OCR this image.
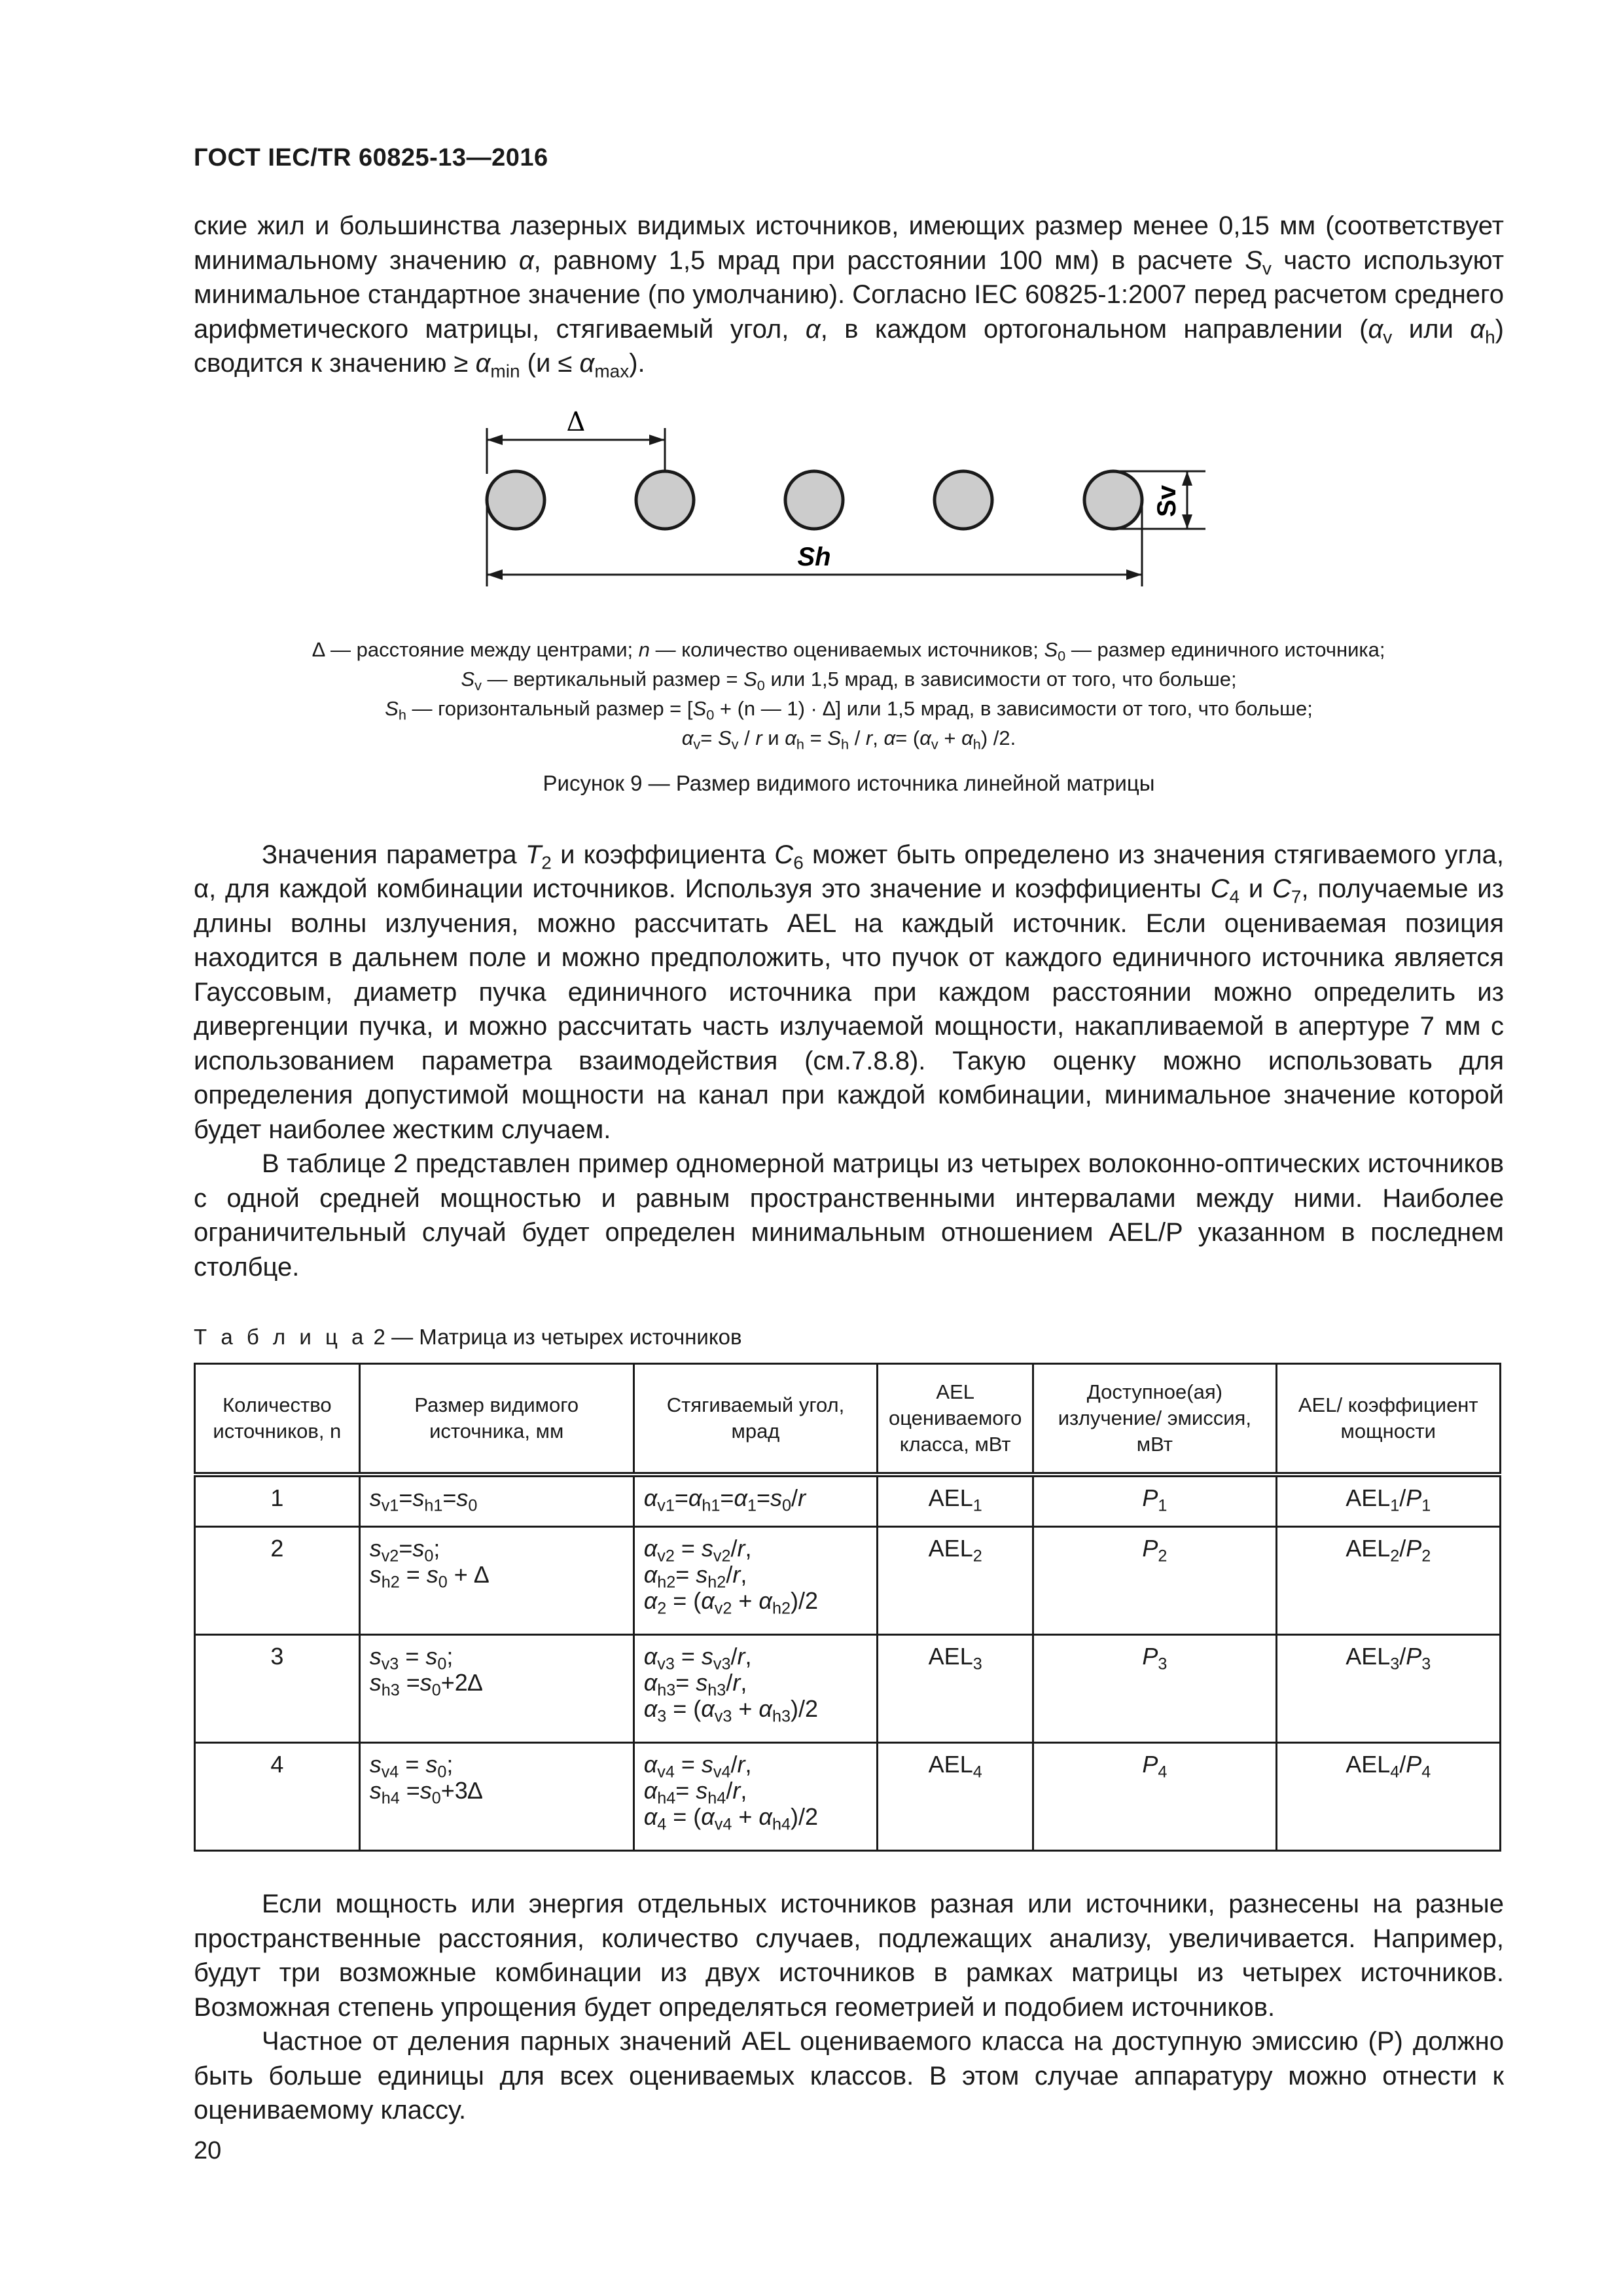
ГОСТ IEC/TR 60825-13—2016

ские жил и большинства лазерных видимых источников, имеющих размер менее 0,15 мм (соответствует минимальному значению α, равному 1,5 мрад при расстоянии 100 мм) в расчете $S_v$ часто используют минимальное стандартное значение (по умолчанию). Согласно IEC 60825-1:2007 перед расчетом среднего арифметического матрицы, стягиваемый угол, α, в каждом ортогональном направлении ($\alpha_v$ или $\alpha_h$) сводится к значению ≥ $\alpha_{min}$ $(и \le \alpha_{max})$.

Δ
Sv
Sh
∆ — расстояние между центрами; n — количество оцениваемых источников; $S_0$ — размер единичного источника;
$S_v$ — вертикальный размер = $S_0$ или 1,5 мрад, в зависимости от того, что больше;
$S_h$ — горизонтальный размер = [$S_0 + (n$ — 1) · ∆] или 1,5 мрад, в зависимости от того, что больше;
$\alpha_v= S_v / r$ и $\alpha_h = S_h / r$, $\alpha= (\alpha_v + \alpha_h)$ /2.
Рисунок 9 — Размер видимого источника линейной матрицы

Значения параметра $T_2$ и коэффициента $C_6$ может быть определено из значения стягиваемого угла, α, для каждой комбинации источников. Используя это значение и коэффициенты $C_4$ и $C_7$, получаемые из длины волны излучения, можно рассчитать AEL на каждый источник. Если оцениваемая позиция находится в дальнем поле и можно предположить, что пучок от каждого единичного источника является Гауссовым, диаметр пучка единичного источника при каждом расстоянии можно определить из дивергенции пучка, и можно рассчитать часть излучаемой мощности, накапливаемой в апертуре 7 мм с использованием параметра взаимодействия (см.7.8.8). Такую оценку можно использовать для определения допустимой мощности на канал при каждой комбинации, минимальное значение которой будет наиболее жестким случаем.

В таблице 2 представлен пример одномерной матрицы из четырех волоконно-оптических источников с одной средней мощностью и равным пространственными интервалами между ними. Наиболее ограничительный случай будет определен минимальным отношением AEL/P указанном в последнем столбце.

Т а б л и ц а 2 — Матрица из четырех источников
Количество источников, n	Размер видимого источника, мм	Стягиваемый угол, мрад	AEL оцениваемого класса, мВт	Доступное(ая) излучение/ эмиссия, мВт	AEL/ коэффициент мощности
1	$s_{v1}=s_{h1}=s_0$	$\alpha_{v1}=\alpha_{h1}=\alpha_1=s_0/r$	$AEL_1$	$P_1$	$AEL_1/P_1$
2	$s_{v2}=s_0$;
$s_{h2} = s_0$ + ∆	$\alpha_{v2} = s_{v2}/r$,
$\alpha_{h2}= s_{h2}/r$,
$\alpha_2 = (\alpha_{v2} + \alpha_{h2})/2$	$AEL_2$	$P_2$	$AEL_2/P_2$
3	$s_{v3} = s_0$;
$s_{h3} =s_0+2\Delta$	$\alpha_{v3} = s_{v3}/r$,
$\alpha_{h3}= s_{h3}/r$,
$\alpha_3 = (\alpha_{v3} + \alpha_{h3})/2$	$AEL_3$	$P_3$	$AEL_3/P_3$
4	$s_{v4} = s_0$;
$s_{h4} =s_0+3\Delta$	$\alpha_{v4} = s_{v4}/r$,
$\alpha_{h4}= s_{h4}/r$,
$\alpha_4 = (\alpha_{v4} + \alpha_{h4})/2$	$AEL_4$	$P_4$	$AEL_4/P_4$

Если мощность или энергия отдельных источников разная или источники, разнесены на разные пространственные расстояния, количество случаев, подлежащих анализу, увеличивается. Например, будут три возможные комбинации из двух источников в рамках матрицы из четырех источников. Возможная степень упрощения будет определяться геометрией и подобием источников.

Частное от деления парных значений AEL оцениваемого класса на доступную эмиссию (P) должно быть больше единицы для всех оцениваемых классов. В этом случае аппаратуру можно отнести к оцениваемому классу.

20
